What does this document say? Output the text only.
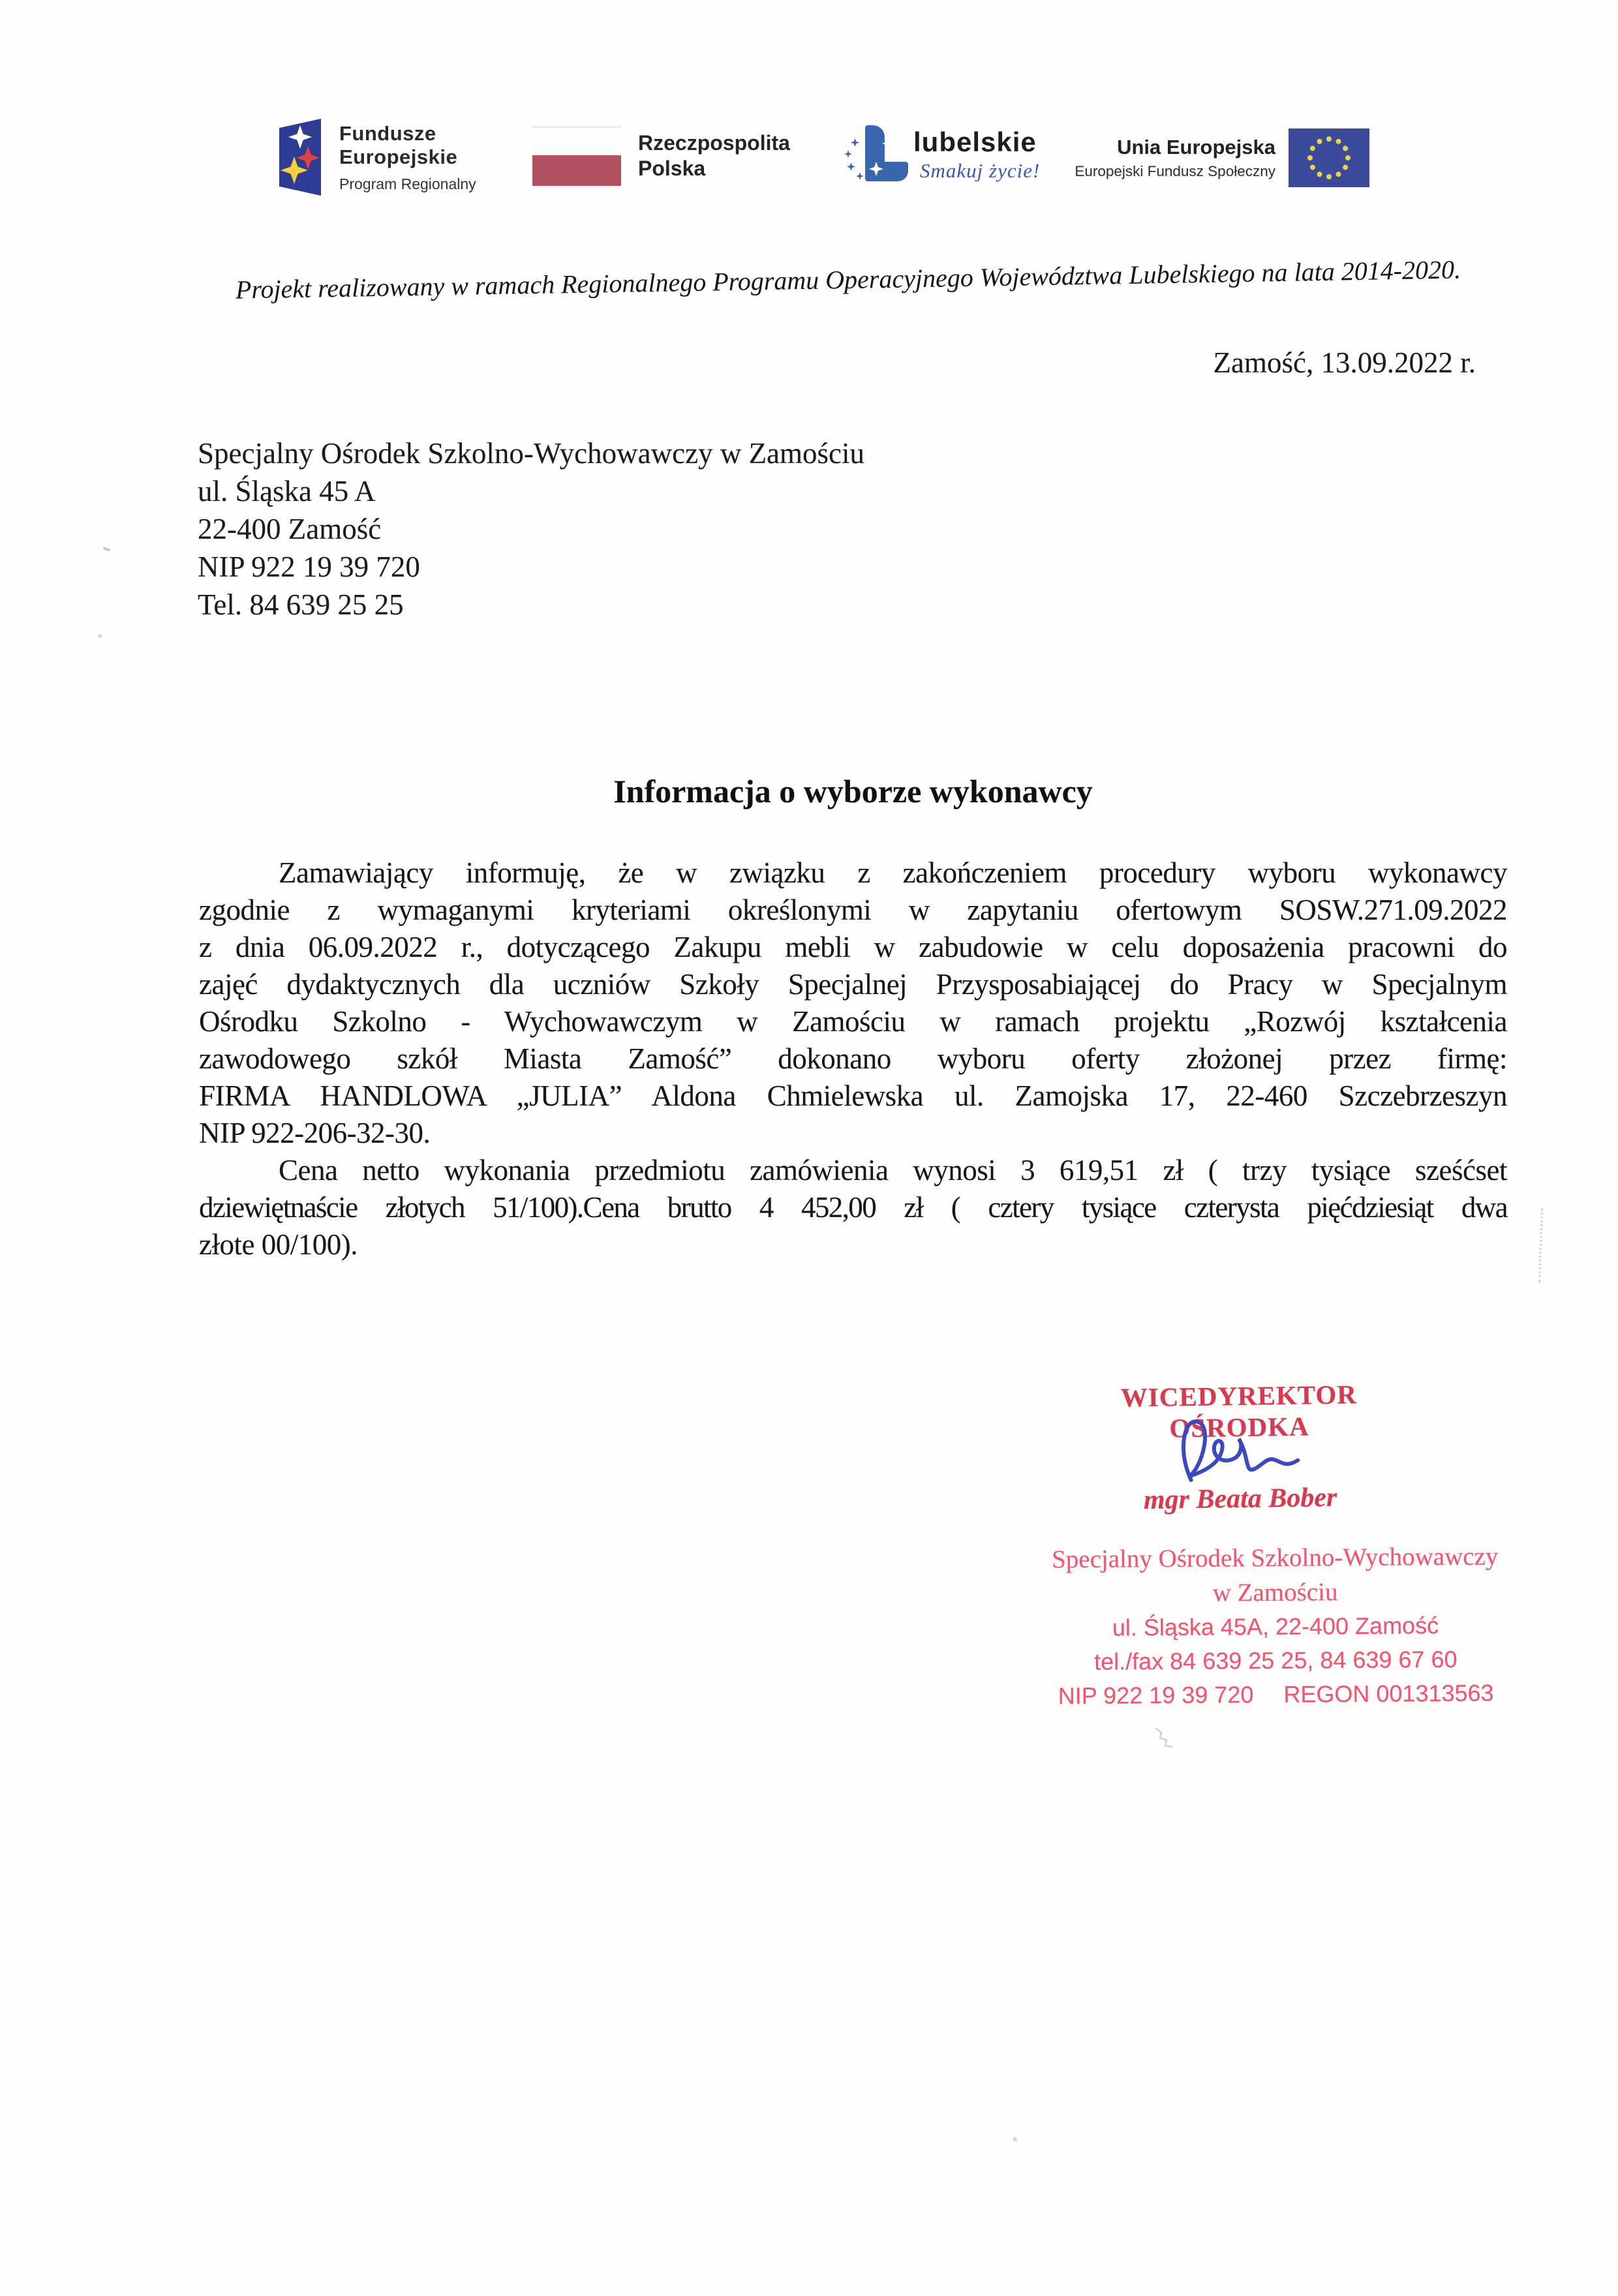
Fundusze
Europejskie
Program Regionalny
Rzeczpospolita
Polska
lubelskie
Smakuj życie!
Unia Europejska
Europejski Fundusz Społeczny
Projekt realizowany w ramach Regionalnego Programu Operacyjnego Województwa Lubelskiego na lata 2014-2020.
Zamość, 13.09.2022 r.
Specjalny Ośrodek Szkolno-Wychowawczy w Zamościu
ul. Śląska 45 A
22-400 Zamość
NIP 922 19 39 720
Tel. 84 639 25 25
Informacja o wyborze wykonawcy
Zamawiający informuję, że w związku z zakończeniem procedury wyboru wykonawcy
zgodnie z wymaganymi kryteriami określonymi w zapytaniu ofertowym SOSW.271.09.2022
z dnia 06.09.2022 r., dotyczącego Zakupu mebli w zabudowie w celu doposażenia pracowni do
zajęć dydaktycznych dla uczniów Szkoły Specjalnej Przysposabiającej do Pracy w Specjalnym
Ośrodku Szkolno - Wychowawczym w Zamościu w ramach projektu „Rozwój kształcenia
zawodowego szkół Miasta Zamość” dokonano wyboru oferty złożonej przez firmę:
FIRMA HANDLOWA „JULIA” Aldona Chmielewska ul. Zamojska 17, 22-460 Szczebrzeszyn
NIP 922-206-32-30.
Cena netto wykonania przedmiotu zamówienia wynosi 3 619,51 zł ( trzy tysiące sześćset
dziewiętnaście złotych 51/100).Cena brutto 4 452,00 zł ( cztery tysiące czterysta pięćdziesiąt dwa
złote 00/100).
WICEDYREKTOR OŚRODKA
mgr Beata Bober
Specjalny Ośrodek Szkolno-Wychowawczy
w Zamościu
ul. Śląska 45A, 22-400 Zamość
tel./fax 84 639 25 25, 84 639 67 60
NIP 922 19 39 720 REGON 001313563
